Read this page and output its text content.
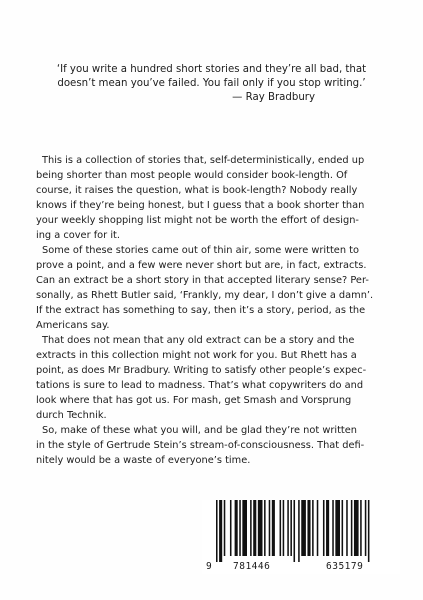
‘If you write a hundred short stories and they’re all bad, that
doesn’t mean you’ve failed. You fail only if you stop writing.’
— Ray Bradbury

This is a collection of stories that, self-deterministically, ended up
being shorter than most people would consider book-length. Of
course, it raises the question, what is book-length? Nobody really
knows if they’re being honest, but I guess that a book shorter than
your weekly shopping list might not be worth the effort of design-
ing a cover for it.

Some of these stories came out of thin air, some were written to
prove a point, and a few were never short but are, in fact, extracts.
Can an extract be a short story in that accepted literary sense? Per-
sonally, as Rhett Butler said, ‘Frankly, my dear, I don’t give a damn’.
If the extract has something to say, then it’s a story, period, as the
Americans say.

That does not mean that any old extract can be a story and the
extracts in this collection might not work for you. But Rhett has a
point, as does Mr Bradbury. Writing to satisfy other people’s expec-
tations is sure to lead to madness. That’s what copywriters do and
look where that has got us. For mash, get Smash and Vorsprung
durch Technik.

So, make of these what you will, and be glad they’re not written
in the style of Gertrude Stein’s stream-of-consciousness. That defi-
nitely would be a waste of everyone’s time.

9 781446	635179
